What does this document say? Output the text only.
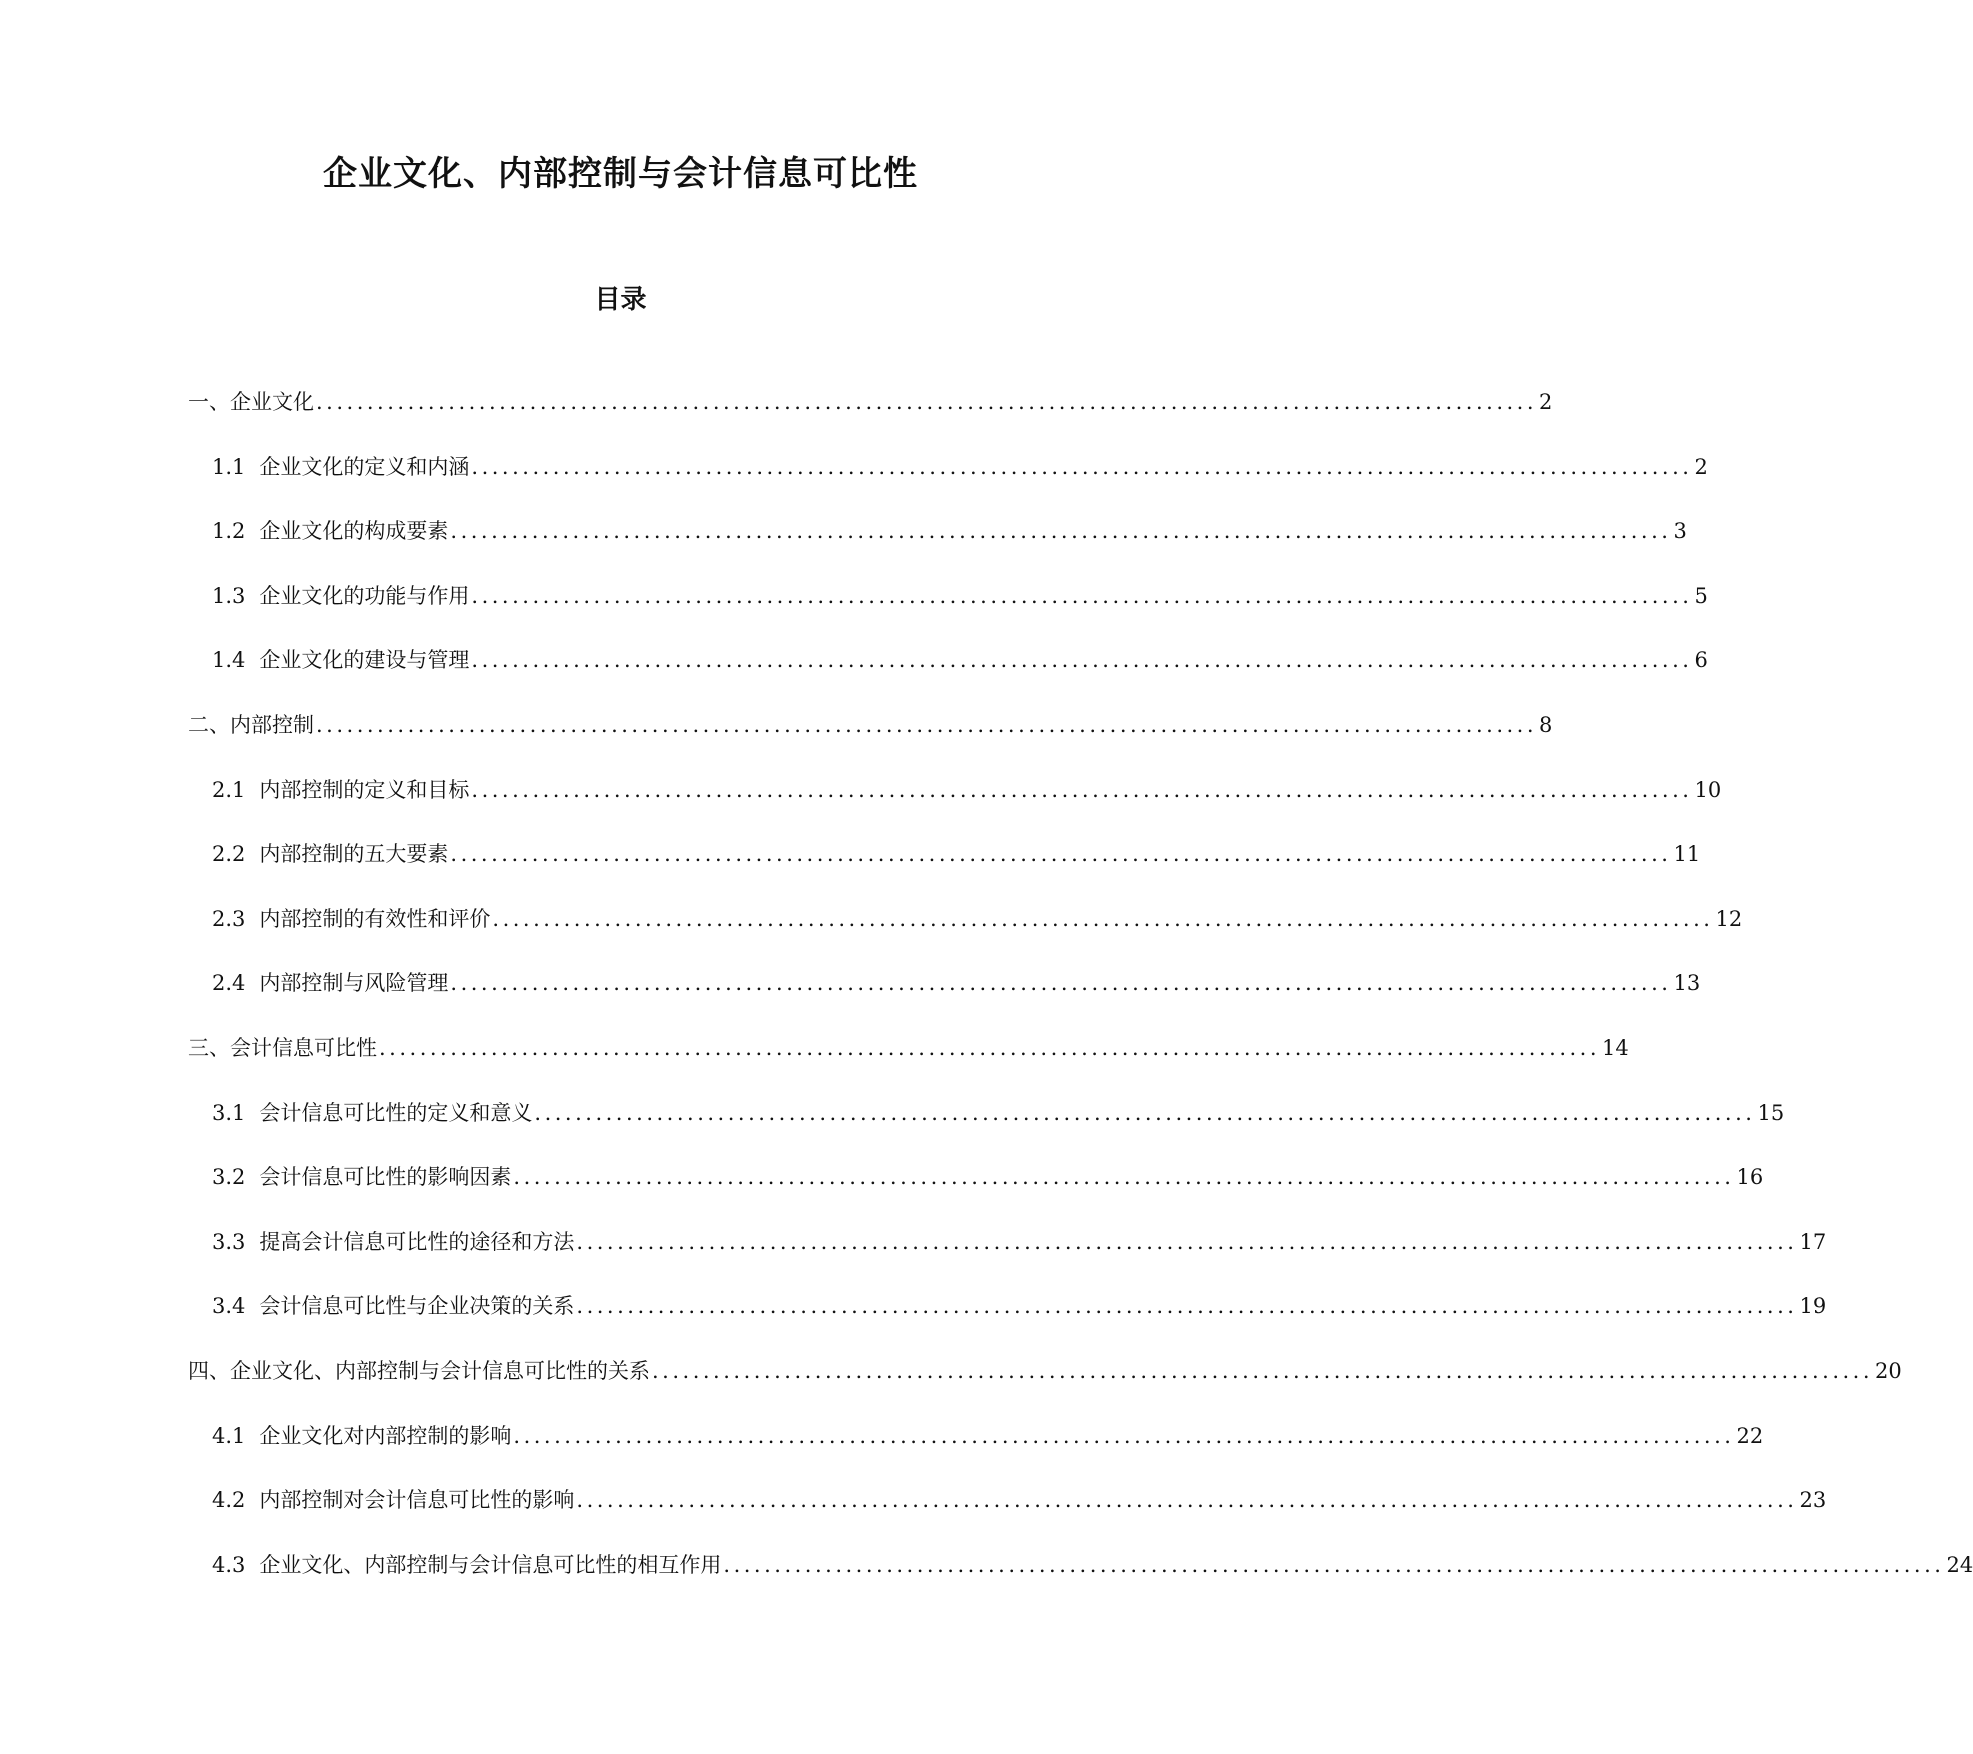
企业文化、内部控制与会计信息可比性
目录
一、企业文化 ........................................................................................................................ 2
1.1 企业文化的定义和内涵 ........................................................................................................................ 2
1.2 企业文化的构成要素 ........................................................................................................................ 3
1.3 企业文化的功能与作用 ........................................................................................................................ 5
1.4 企业文化的建设与管理 ........................................................................................................................ 6
二、内部控制 ........................................................................................................................ 8
2.1 内部控制的定义和目标 ........................................................................................................................ 10
2.2 内部控制的五大要素 ........................................................................................................................ 11
2.3 内部控制的有效性和评价 ........................................................................................................................ 12
2.4 内部控制与风险管理 ........................................................................................................................ 13
三、会计信息可比性 ........................................................................................................................ 14
3.1 会计信息可比性的定义和意义 ........................................................................................................................ 15
3.2 会计信息可比性的影响因素 ........................................................................................................................ 16
3.3 提高会计信息可比性的途径和方法 ........................................................................................................................ 17
3.4 会计信息可比性与企业决策的关系 ........................................................................................................................ 19
四、企业文化、内部控制与会计信息可比性的关系 ........................................................................................................................ 20
4.1 企业文化对内部控制的影响 ........................................................................................................................ 22
4.2 内部控制对会计信息可比性的影响 ........................................................................................................................ 23
4.3 企业文化、内部控制与会计信息可比性的相互作用 ........................................................................................................................ 24
